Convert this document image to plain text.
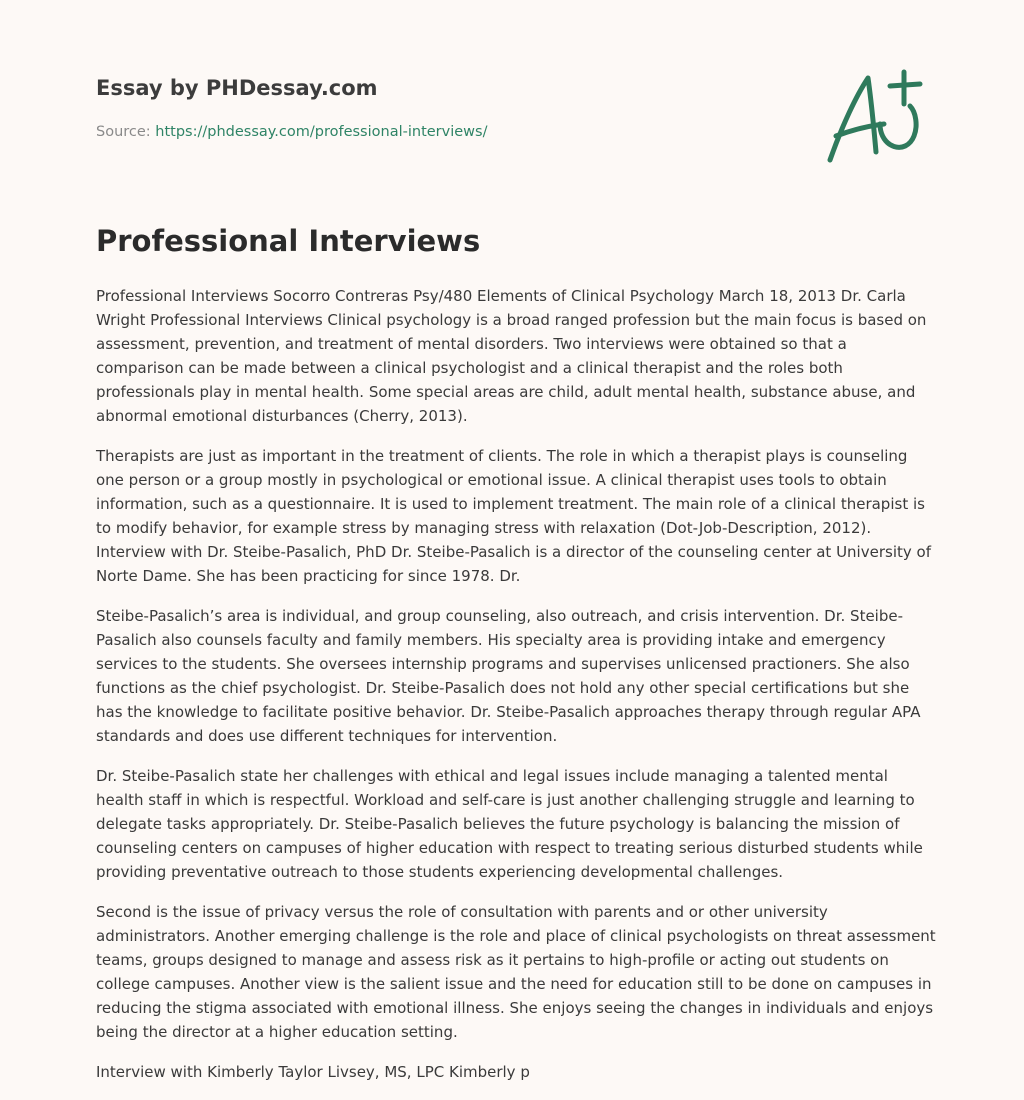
Essay by PHDessay.com

Source: https://phdessay.com/professional-interviews/

Professional Interviews

Professional Interviews Socorro Contreras Psy/480 Elements of Clinical Psychology March 18, 2013 Dr. Carla Wright Professional Interviews Clinical psychology is a broad ranged profession but the main focus is based on assessment, prevention, and treatment of mental disorders. Two interviews were obtained so that a comparison can be made between a clinical psychologist and a clinical therapist and the roles both professionals play in mental health. Some special areas are child, adult mental health, substance abuse, and abnormal emotional disturbances (Cherry, 2013).

Therapists are just as important in the treatment of clients. The role in which a therapist plays is counseling one person or a group mostly in psychological or emotional issue. A clinical therapist uses tools to obtain information, such as a questionnaire. It is used to implement treatment. The main role of a clinical therapist is to modify behavior, for example stress by managing stress with relaxation (Dot-Job-Description, 2012). Interview with Dr. Steibe-Pasalich, PhD Dr. Steibe-Pasalich is a director of the counseling center at University of Norte Dame. She has been practicing for since 1978. Dr.

Steibe-Pasalich’s area is individual, and group counseling, also outreach, and crisis intervention. Dr. Steibe-Pasalich also counsels faculty and family members. His specialty area is providing intake and emergency services to the students. She oversees internship programs and supervises unlicensed practioners. She also functions as the chief psychologist. Dr. Steibe-Pasalich does not hold any other special certifications but she has the knowledge to facilitate positive behavior. Dr. Steibe-Pasalich approaches therapy through regular APA standards and does use different techniques for intervention.

Dr. Steibe-Pasalich state her challenges with ethical and legal issues include managing a talented mental health staff in which is respectful. Workload and self-care is just another challenging struggle and learning to delegate tasks appropriately. Dr. Steibe-Pasalich believes the future psychology is balancing the mission of counseling centers on campuses of higher education with respect to treating serious disturbed students while providing preventative outreach to those students experiencing developmental challenges.

Second is the issue of privacy versus the role of consultation with parents and or other university administrators. Another emerging challenge is the role and place of clinical psychologists on threat assessment teams, groups designed to manage and assess risk as it pertains to high-profile or acting out students on college campuses. Another view is the salient issue and the need for education still to be done on campuses in reducing the stigma associated with emotional illness. She enjoys seeing the changes in individuals and enjoys being the director at a higher education setting.

Interview with Kimberly Taylor Livsey, MS, LPC Kimberly p
